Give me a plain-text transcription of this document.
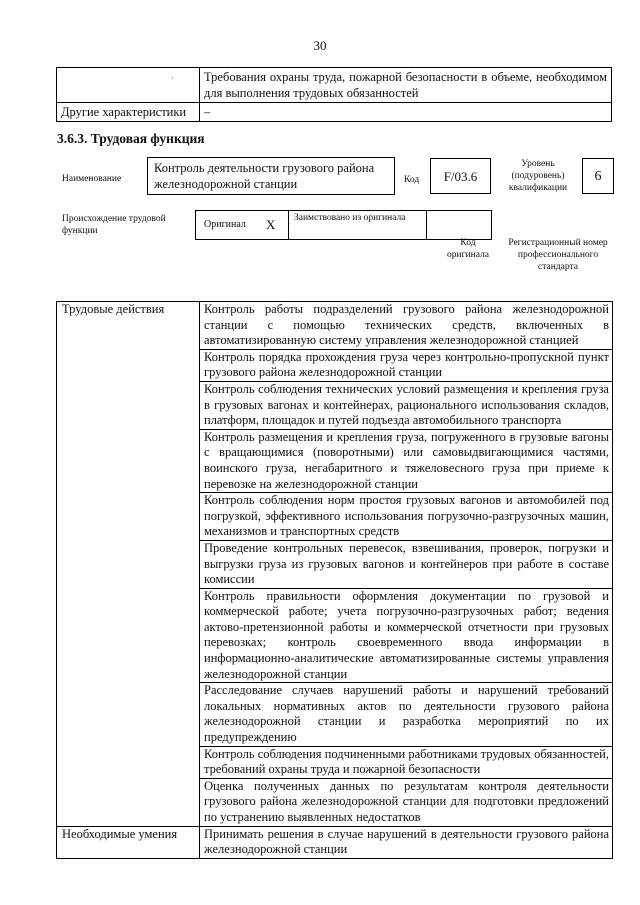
30
·	Требования охраны труда, пожарной безопасности в объеме, необходимом для выполнения трудовых обязанностей
Другие характеристики	–
3.6.3. Трудовая функция
Наименование
Контроль деятельности грузового района железнодорожной станции	Код	F/03.6
Уровень (подуровень) квалификации
6
Происхождение трудовой функции
Оригинал X Заимствовано из оригинала
Код оригинала
Регистрационный номер профессионального стандарта
Трудовые действия	Контроль работы подразделений грузового района железнодорожной станции с помощью технических средств, включенных в автоматизированную систему управления железнодорожной станцией
	Контроль порядка прохождения груза через контрольно-пропускной пункт грузового района железнодорожной станции
	Контроль соблюдения технических условий размещения и крепления груза в грузовых вагонах и контейнерах, рационального использования складов, платформ, площадок и путей подъезда автомобильного транспорта
	Контроль размещения и крепления груза, погруженного в грузовые вагоны с вращающимися (поворотными) или самовыдвигающимися частями, воинского груза, негабаритного и тяжеловесного груза при приеме к перевозке на железнодорожной станции
	Контроль соблюдения норм простоя грузовых вагонов и автомобилей под погрузкой, эффективного использования погрузочно-разгрузочных машин, механизмов и транспортных средств
	Проведение контрольных перевесок, взвешивания, проверок, погрузки и выгрузки груза из грузовых вагонов и контейнеров при работе в составе комиссии
	Контроль правильности оформления документации по грузовой и коммерческой работе; учета погрузочно-разгрузочных работ; ведения актово-претензионной работы и коммерческой отчетности при грузовых перевозках; контроль своевременного ввода информации в информационно-аналитические автоматизированные системы управления железнодорожной станции
	Расследование случаев нарушений работы и нарушений требований локальных нормативных актов по деятельности грузового района железнодорожной станции и разработка мероприятий по их предупреждению
	Контроль соблюдения подчиненными работниками трудовых обязанностей, требований охраны труда и пожарной безопасности
	Оценка полученных данных по результатам контроля деятельности грузового района железнодорожной станции для подготовки предложений по устранению выявленных недостатков
Необходимые умения	Принимать решения в случае нарушений в деятельности грузового района железнодорожной станции
